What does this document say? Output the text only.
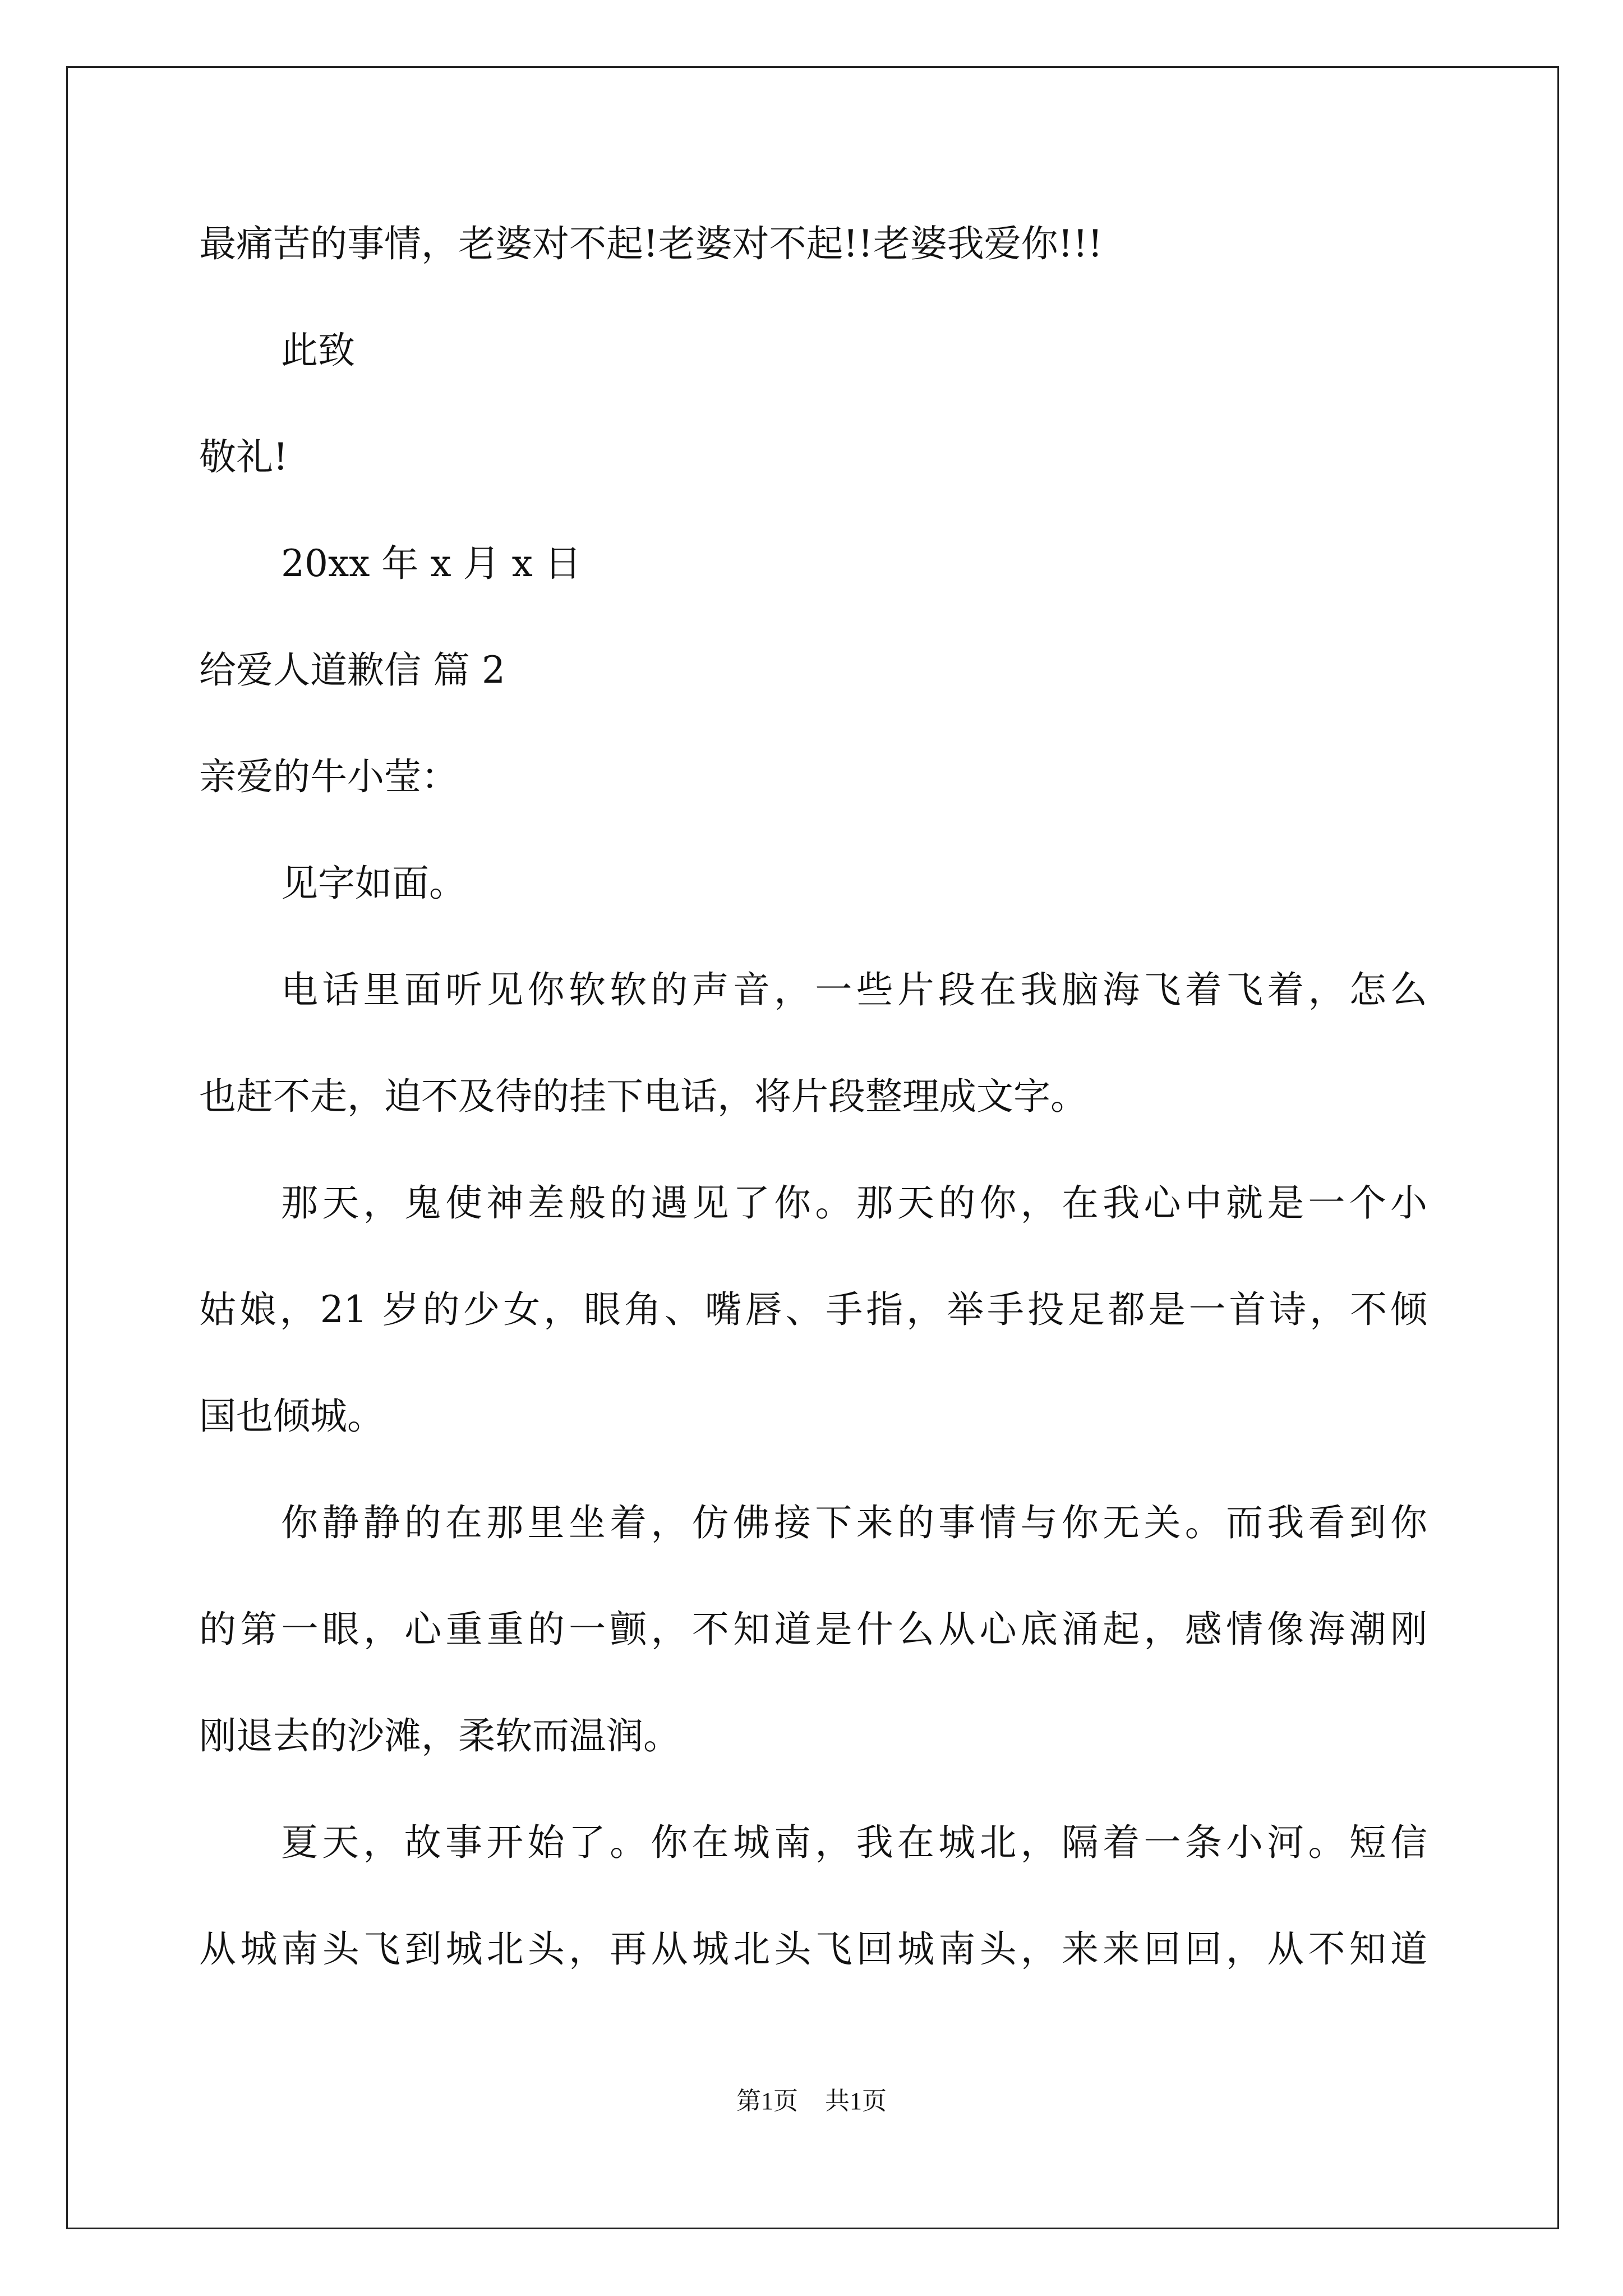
最痛苦的事情，老婆对不起!老婆对不起!!老婆我爱你!!!
此致
敬礼!
20xx 年 x 月 x 日
给爱人道歉信 篇 2
亲爱的牛小莹：
见字如面。
电话里面听见你软软的声音，一些片段在我脑海飞着飞着，怎么
也赶不走，迫不及待的挂下电话，将片段整理成文字。
那天，鬼使神差般的遇见了你。那天的你，在我心中就是一个小
姑娘，21 岁的少女，眼角、嘴唇、手指，举手投足都是一首诗，不倾
国也倾城。
你静静的在那里坐着，仿佛接下来的事情与你无关。而我看到你
的第一眼，心重重的一颤，不知道是什么从心底涌起，感情像海潮刚
刚退去的沙滩，柔软而温润。
夏天，故事开始了。你在城南，我在城北，隔着一条小河。短信
从城南头飞到城北头，再从城北头飞回城南头，来来回回，从不知道
第1页 共1页
